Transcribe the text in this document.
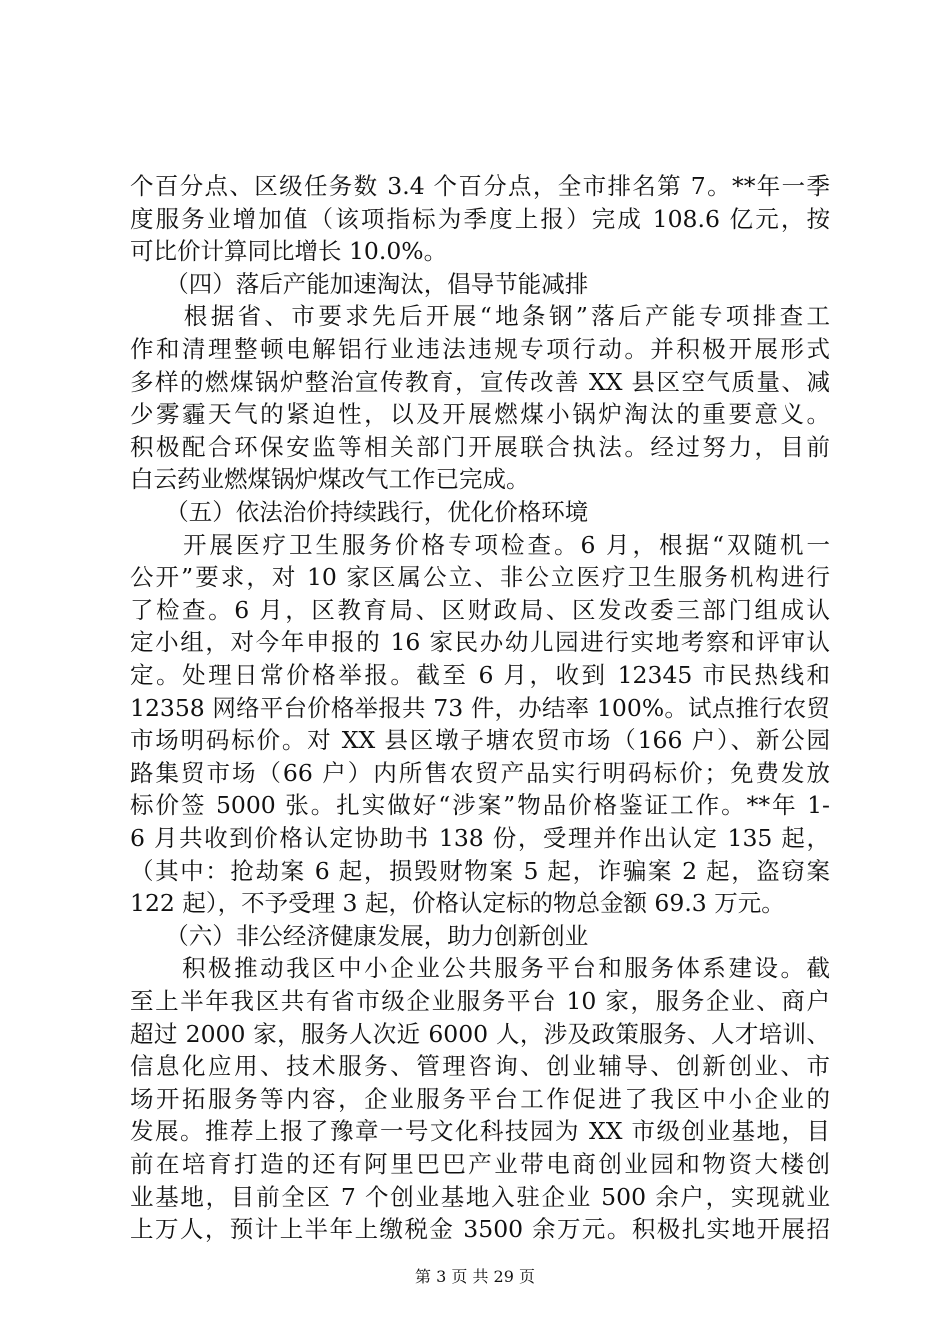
个百分点、区级任务数 3.4 个百分点，全市排名第 7。**年一季
度服务业增加值（该项指标为季度上报）完成 108.6 亿元，按
可比价计算同比增长 10.0%。
　　（四）落后产能加速淘汰，倡导节能减排
　　根据省、市要求先后开展“地条钢”落后产能专项排查工
作和清理整顿电解铝行业违法违规专项行动。并积极开展形式
多样的燃煤锅炉整治宣传教育，宣传改善 XX 县区空气质量、减
少雾霾天气的紧迫性，以及开展燃煤小锅炉淘汰的重要意义。
积极配合环保安监等相关部门开展联合执法。经过努力，目前
白云药业燃煤锅炉煤改气工作已完成。
　　（五）依法治价持续践行，优化价格环境
　　开展医疗卫生服务价格专项检查。6 月，根据“双随机一
公开”要求，对 10 家区属公立、非公立医疗卫生服务机构进行
了检查。6 月，区教育局、区财政局、区发改委三部门组成认
定小组，对今年申报的 16 家民办幼儿园进行实地考察和评审认
定。处理日常价格举报。截至 6 月，收到 12345 市民热线和
12358 网络平台价格举报共 73 件，办结率 100%。试点推行农贸
市场明码标价。对 XX 县区墩子塘农贸市场（166 户）、新公园
路集贸市场（66 户）内所售农贸产品实行明码标价；免费发放
标价签 5000 张。扎实做好“涉案”物品价格鉴证工作。**年 1-
6 月共收到价格认定协助书 138 份，受理并作出认定 135 起，
（其中：抢劫案 6 起，损毁财物案 5 起，诈骗案 2 起，盗窃案
122 起），不予受理 3 起，价格认定标的物总金额 69.3 万元。
　　（六）非公经济健康发展，助力创新创业
　　积极推动我区中小企业公共服务平台和服务体系建设。截
至上半年我区共有省市级企业服务平台 10 家，服务企业、商户
超过 2000 家，服务人次近 6000 人，涉及政策服务、人才培训、
信息化应用、技术服务、管理咨询、创业辅导、创新创业、市
场开拓服务等内容，企业服务平台工作促进了我区中小企业的
发展。推荐上报了豫章一号文化科技园为 XX 市级创业基地，目
前在培育打造的还有阿里巴巴产业带电商创业园和物资大楼创
业基地，目前全区 7 个创业基地入驻企业 500 余户，实现就业
上万人，预计上半年上缴税金 3500 余万元。积极扎实地开展招
第 3 页 共 29 页
